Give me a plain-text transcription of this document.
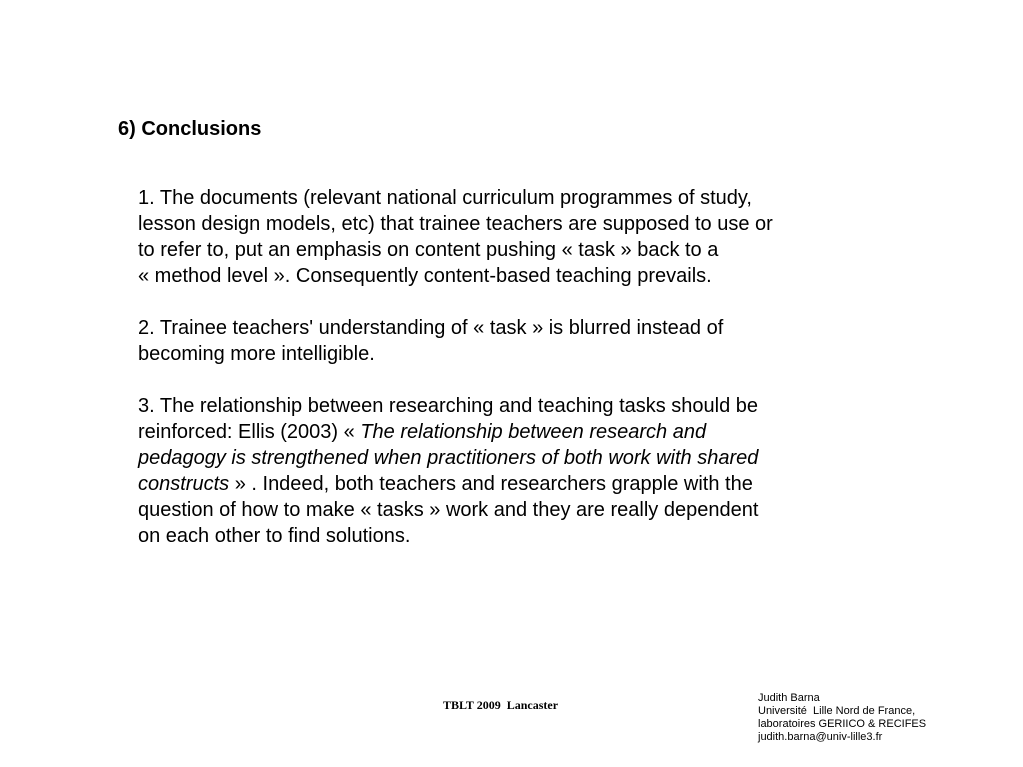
6) Conclusions

1. The documents (relevant national curriculum programmes of study,
lesson design models, etc) that trainee teachers are supposed to use or
to refer to, put an emphasis on content pushing « task » back to a
« method level ». Consequently content-based teaching prevails.

2. Trainee teachers' understanding of « task » is blurred instead of
becoming more intelligible.

3. The relationship between researching and teaching tasks should be
reinforced: Ellis (2003) « The relationship between research and
pedagogy is strengthened when practitioners of both work with shared
constructs » . Indeed, both teachers and researchers grapple with the
question of how to make « tasks » work and they are really dependent
on each other to find solutions.

TBLT 2009  Lancaster	Judith Barna
Université  Lille Nord de France,
laboratoires GERIICO & RECIFES
judith.barna@univ-lille3.fr
